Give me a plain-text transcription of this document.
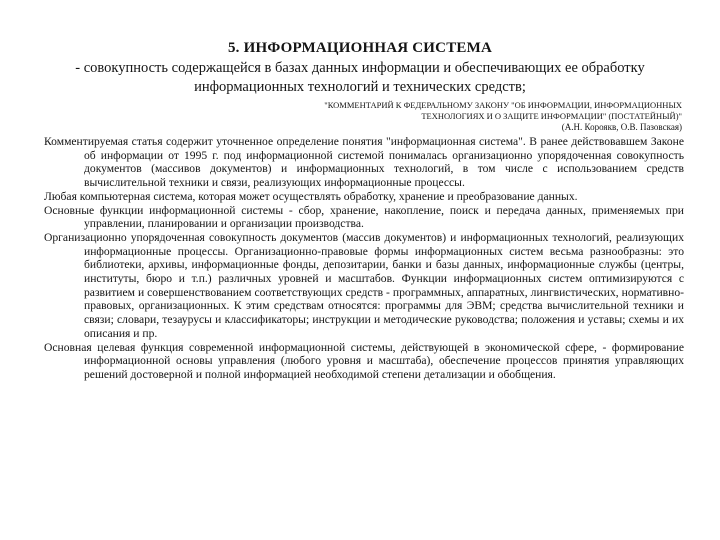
5. ИНФОРМАЦИОННАЯ СИСТЕМА
- совокупность содержащейся в базах данных информации и обеспечивающих ее обработку информационных технологий и технических средств;
"КОММЕНТАРИЙ К ФЕДЕРАЛЬНОМУ ЗАКОНУ "ОБ ИНФОРМАЦИИ, ИНФОРМАЦИОННЫХ ТЕХНОЛОГИЯХ И О ЗАЩИТЕ ИНФОРМАЦИИ" (ПОСТАТЕЙНЫЙ)"
(А.Н. Короякв, О.В. Пазовская)

Комментируемая статья содержит уточненное определение понятия "информационная система". В ранее действовавшем Законе об информации от 1995 г. под информационной системой понималась организационно упорядоченная совокупность документов (массивов документов) и информационных технологий, в том числе с использованием средств вычислительной техники и связи, реализующих информационные процессы.

Любая компьютерная система, которая может осуществлять обработку, хранение и преобразование данных.

Основные функции информационной системы - сбор, хранение, накопление, поиск и передача данных, применяемых при управлении, планировании и организации производства.

Организационно упорядоченная совокупность документов (массив документов) и информационных технологий, реализующих информационные процессы. Организационно-правовые формы информационных систем весьма разнообразны: это библиотеки, архивы, информационные фонды, депозитарии, банки и базы данных, информационные службы (центры, институты, бюро и т.п.) различных уровней и масштабов. Функции информационных систем оптимизируются с развитием и совершенствованием соответствующих средств - программных, аппаратных, лингвистических, нормативно-правовых, организационных. К этим средствам относятся: программы для ЭВМ; средства вычислительной техники и связи; словари, тезаурусы и классификаторы; инструкции и методические руководства; положения и уставы; схемы и их описания и пр.

Основная целевая функция современной информационной системы, действующей в экономической сфере, - формирование информационной основы управления (любого уровня и масштаба), обеспечение процессов принятия управляющих решений достоверной и полной информацией необходимой степени детализации и обобщения.
